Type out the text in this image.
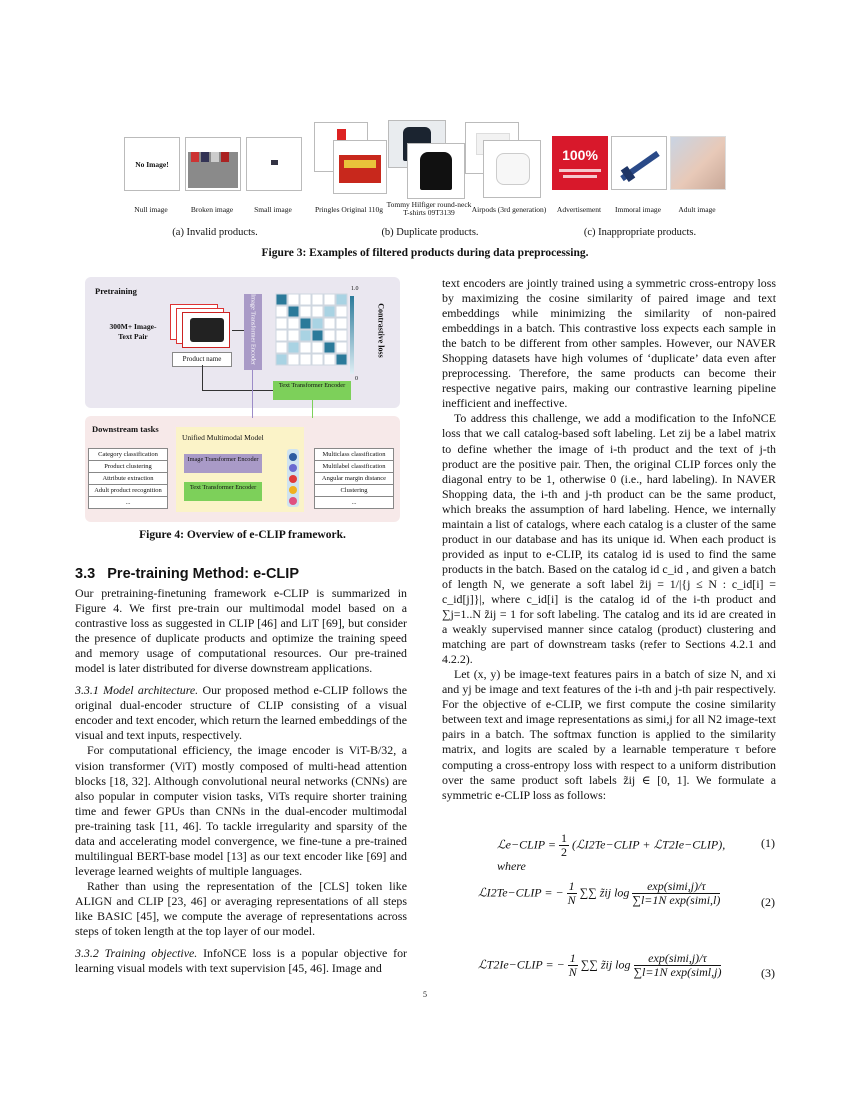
No Image!
Null image	Broken image	Small image	Pringles Original 110g
Tommy Hilfiger round-neck T-shirts 09T3139	Airpods (3rd generation)
100%
Advertisement	Immoral image	Adult image
(a) Invalid products.	(b) Duplicate products.	(c) Inappropriate products.
Figure 3: Examples of filtered products during data preprocessing.
Pretraining
300M+ Image-Text Pair
Product name	Image Transformer Encoder
1.0
0
Contrastive loss
Text Transformer Encoder
Downstream tasks
Unified Multimodal Model
Image Transformer Encoder
Text Transformer Encoder
Category classification
Product clustering
Attribute extraction
Adult product recognition
...
Multiclass classification
Multilabel classification
Angular margin distance
Clustering
...
Figure 4: Overview of e-CLIP framework.
3.3 Pre-training Method: e-CLIP

Our pretraining-finetuning framework e-CLIP is summarized in Figure 4. We first pre-train our multimodal model based on a contrastive loss as suggested in CLIP [46] and LiT [69], but consider the presence of duplicate products and optimize the training speed and memory usage of computational resources. Our pre-trained model is later distributed for diverse downstream applications.

3.3.1 Model architecture. Our proposed method e-CLIP follows the original dual-encoder structure of CLIP consisting of a visual encoder and text encoder, which return the learned embeddings of the visual and text inputs, respectively.

For computational efficiency, the image encoder is ViT-B/32, a vision transformer (ViT) mostly composed of multi-head attention blocks [18, 32]. Although convolutional neural networks (CNNs) are also popular in computer vision tasks, ViTs require shorter training time and fewer GPUs than CNNs in the dual-encoder multimodal pre-training task [11, 46]. To tackle irregularity and sparsity of the data and accelerating model convergence, we fine-tune a pre-trained multilingual BERT-base model [13] as our text encoder like [69] and leverage learned weights of multiple languages.

Rather than using the representation of the [CLS] token like ALIGN and CLIP [23, 46] or averaging representations of all steps like BASIC [45], we compute the average of representations across steps of token length at the top layer of our model.

3.3.2 Training objective. InfoNCE loss is a popular objective for learning visual models with text supervision [45, 46]. Image and

text encoders are jointly trained using a symmetric cross-entropy loss by maximizing the cosine similarity of paired image and text embeddings while minimizing the similarity of non-paired embeddings in a batch. This contrastive loss expects each sample in the batch to be different from other samples. However, our NAVER Shopping datasets have high volumes of ‘duplicate’ data even after preprocessing. Therefore, the same products can become their respective negative pairs, making our contrastive learning pipeline inefficient and ineffective.

To address this challenge, we add a modification to the InfoNCE loss that we call catalog-based soft labeling. Let zij be a label matrix to define whether the image of i-th product and the text of j-th product are the positive pair. Then, the original CLIP forces only the diagonal entry to be 1, otherwise 0 (i.e., hard labeling). In NAVER Shopping data, the i-th and j-th product can be the same product, which breaks the assumption of hard labeling. Hence, we internally maintain a list of catalogs, where each catalog is a cluster of the same product in our database and has its unique id. When each product is provided as input to e-CLIP, its catalog id is used to find the same products in the batch. Based on the catalog id c_id , and given a batch of length N, we generate a soft label z̃ij = 1/|{j ≤ N : c_id[i] = c_id[j]}|, where c_id[i] is the catalog id of the i-th product and ∑j=1..N z̃ij = 1 for soft labeling. The catalog and its id are created in a weakly supervised manner since catalog (product) clustering and matching are part of downstream tasks (refer to Sections 4.2.1 and 4.2.2).

Let (x, y) be image-text features pairs in a batch of size N, and xi and yj be image and text features of the i-th and j-th pair respectively. For the objective of e-CLIP, we first compute the cosine similarity between text and image representations as simi,j for all N2 image-text pairs in a batch. The softmax function is applied to the similarity matrix, and logits are scaled by a learnable temperature τ before computing a cross-entropy loss with respect to a uniform distribution over the same product soft labels z̃ij ∈ [0, 1]. We formulate a symmetric e-CLIP loss as follows:

ℒe−CLIP = $\frac{1}{2}$ (ℒI2Te−CLIP + ℒT2Ie−CLIP), where
(1)
ℒI2Te−CLIP = − $\frac{1}{N}$ ∑∑ z̃ij $\log \frac{\text{exp(simi,j)/τ}}{\text{∑l=1N exp(simi,l)}}$	(2)
ℒT2Ie−CLIP = − $\frac{1}{N}$ ∑∑ z̃ij $\log \frac{\text{exp(simi,j)/τ}}{\text{∑l=1N exp(siml,j)}}$	(3)
5
